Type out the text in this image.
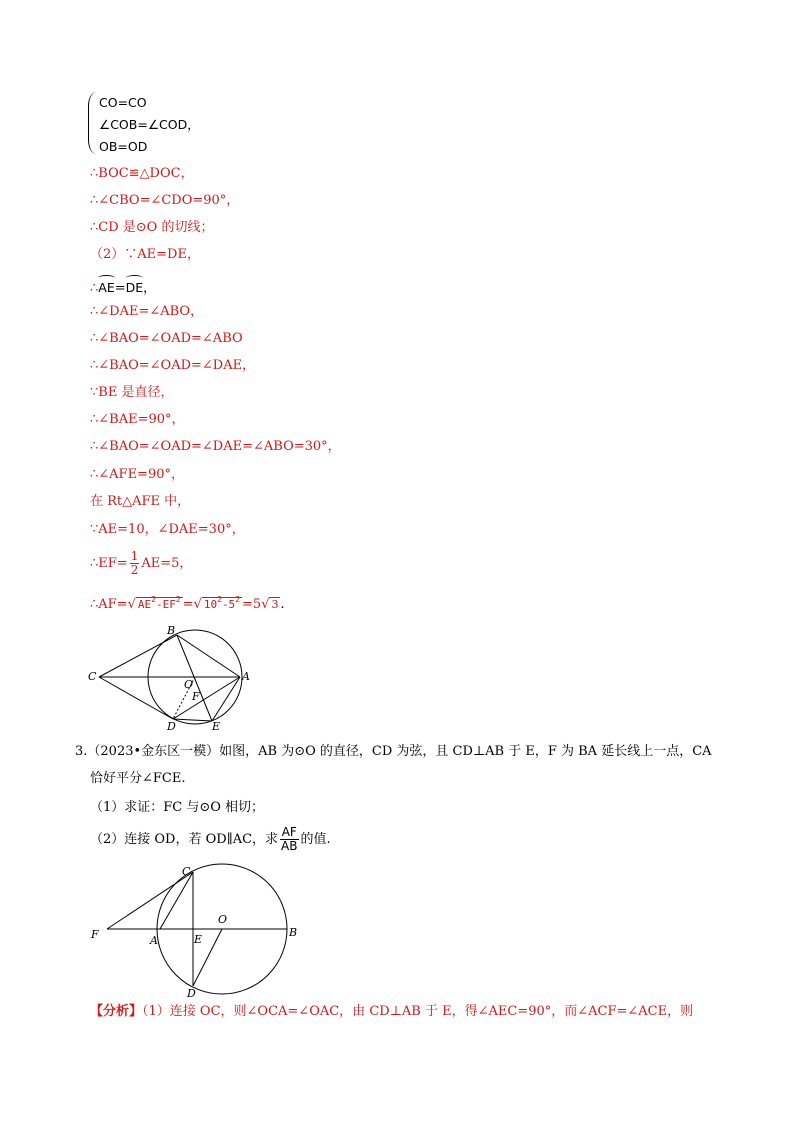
CO=CO
∠COB=∠COD，
OB=OD
∴BOC≌△DOC，
∴∠CBO=∠CDO=90°，
∴CD 是⊙O 的切线；
（2）∵AE=DE，
∴AE=DE，
∴∠DAE=∠ABO，
∴∠BAO=∠OAD=∠ABO
∴∠BAO=∠OAD=∠DAE，
∵BE 是直径，
∴∠BAE=90°，
∴∠BAO=∠OAD=∠DAE=∠ABO=30°，
∴∠AFE=90°，
在 Rt△AFE 中，
∵AE=10，∠DAE=30°，
∴EF= $\frac{1}{2} AE=5$，
∴AF=√ $AE^2-EF^2$ =√ $10^2-5^2 =5√$ 3 .
B
C
O
F
A
D	E
3.（2023•金东区一模）如图，AB 为⊙O 的直径，CD 为弦，且 CD⊥AB 于 E，F 为 BA 延长线上一点，CA
恰好平分∠FCE.
（1）求证：FC 与⊙O 相切；
（2）连接 OD，若 OD∥AC，求 $\frac{AF}{AB}$ 的值.
C
F	A	E
O
B
D
【分析】（1）连接 OC，则∠OCA=∠OAC，由 CD⊥AB 于 E，得∠AEC=90°，而∠ACF=∠ACE，则
